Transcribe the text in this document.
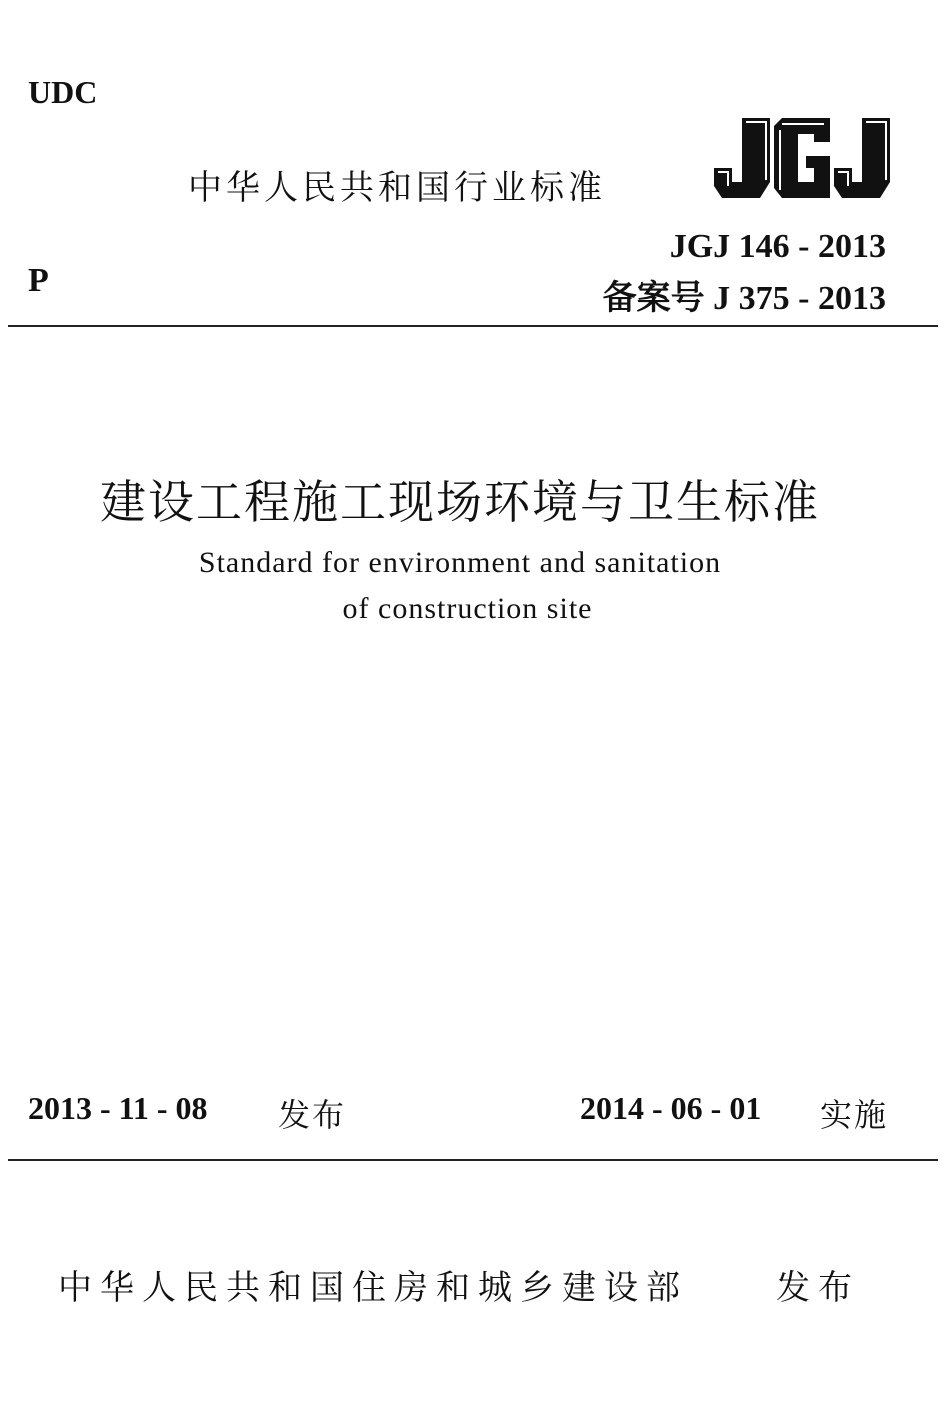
UDC
中华人民共和国行业标准
JGJ 146 - 2013
P	备案号 J 375 - 2013
建设工程施工现场环境与卫生标准
Standard for environment and sanitation
of construction site
2013 - 11 - 08 发布	2014 - 06 - 01 实施
中华人民共和国住房和城乡建设部	发布
